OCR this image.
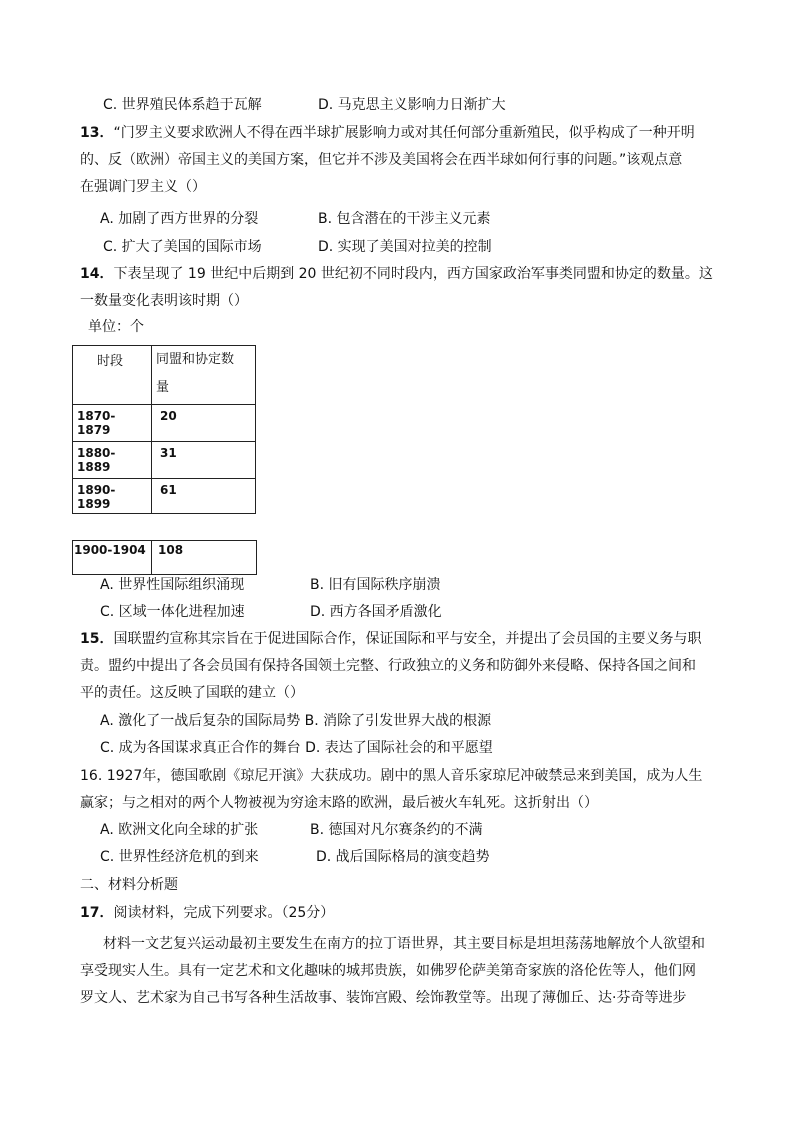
C. 世界殖民体系趋于瓦解	D. 马克思主义影响力日渐扩大
13．“门罗主义要求欧洲人不得在西半球扩展影响力或对其任何部分重新殖民，似乎构成了一种开明
的、反（欧洲）帝国主义的美国方案，但它并不涉及美国将会在西半球如何行事的问题。”该观点意
在强调门罗主义（）
A. 加剧了西方世界的分裂	B. 包含潜在的干涉主义元素
C. 扩大了美国的国际市场	D. 实现了美国对拉美的控制
14．下表呈现了 19 世纪中后期到 20 世纪初不同时段内，西方国家政治军事类同盟和协定的数量。这
一数量变化表明该时期（）
单位：个
时段	同盟和协定数
量

1870-1879	20

1880-1889	31

1890-1899	61
1900-1904	108
A. 世界性国际组织涌现	B. 旧有国际秩序崩溃
C. 区域一体化进程加速	D. 西方各国矛盾激化
15．国联盟约宣称其宗旨在于促进国际合作，保证国际和平与安全，并提出了会员国的主要义务与职
责。盟约中提出了各会员国有保持各国领土完整、行政独立的义务和防御外来侵略、保持各国之间和
平的责任。这反映了国联的建立（）
A. 激化了一战后复杂的国际局势 B. 消除了引发世界大战的根源
C. 成为各国谋求真正合作的舞台 D. 表达了国际社会的和平愿望
16. 1927年，德国歌剧《琼尼开演》大获成功。剧中的黑人音乐家琼尼冲破禁忌来到美国，成为人生
赢家；与之相对的两个人物被视为穷途末路的欧洲，最后被火车轧死。这折射出（）
A. 欧洲文化向全球的扩张	B. 德国对凡尔赛条约的不满
C. 世界性经济危机的到来	D. 战后国际格局的演变趋势
二、材料分析题
17．阅读材料，完成下列要求。（25分）
材料一文艺复兴运动最初主要发生在南方的拉丁语世界，其主要目标是坦坦荡荡地解放个人欲望和
享受现实人生。具有一定艺术和文化趣味的城邦贵族，如佛罗伦萨美第奇家族的洛伦佐等人，他们网
罗文人、艺术家为自己书写各种生活故事、装饰宫殿、绘饰教堂等。出现了薄伽丘、达·芬奇等进步
